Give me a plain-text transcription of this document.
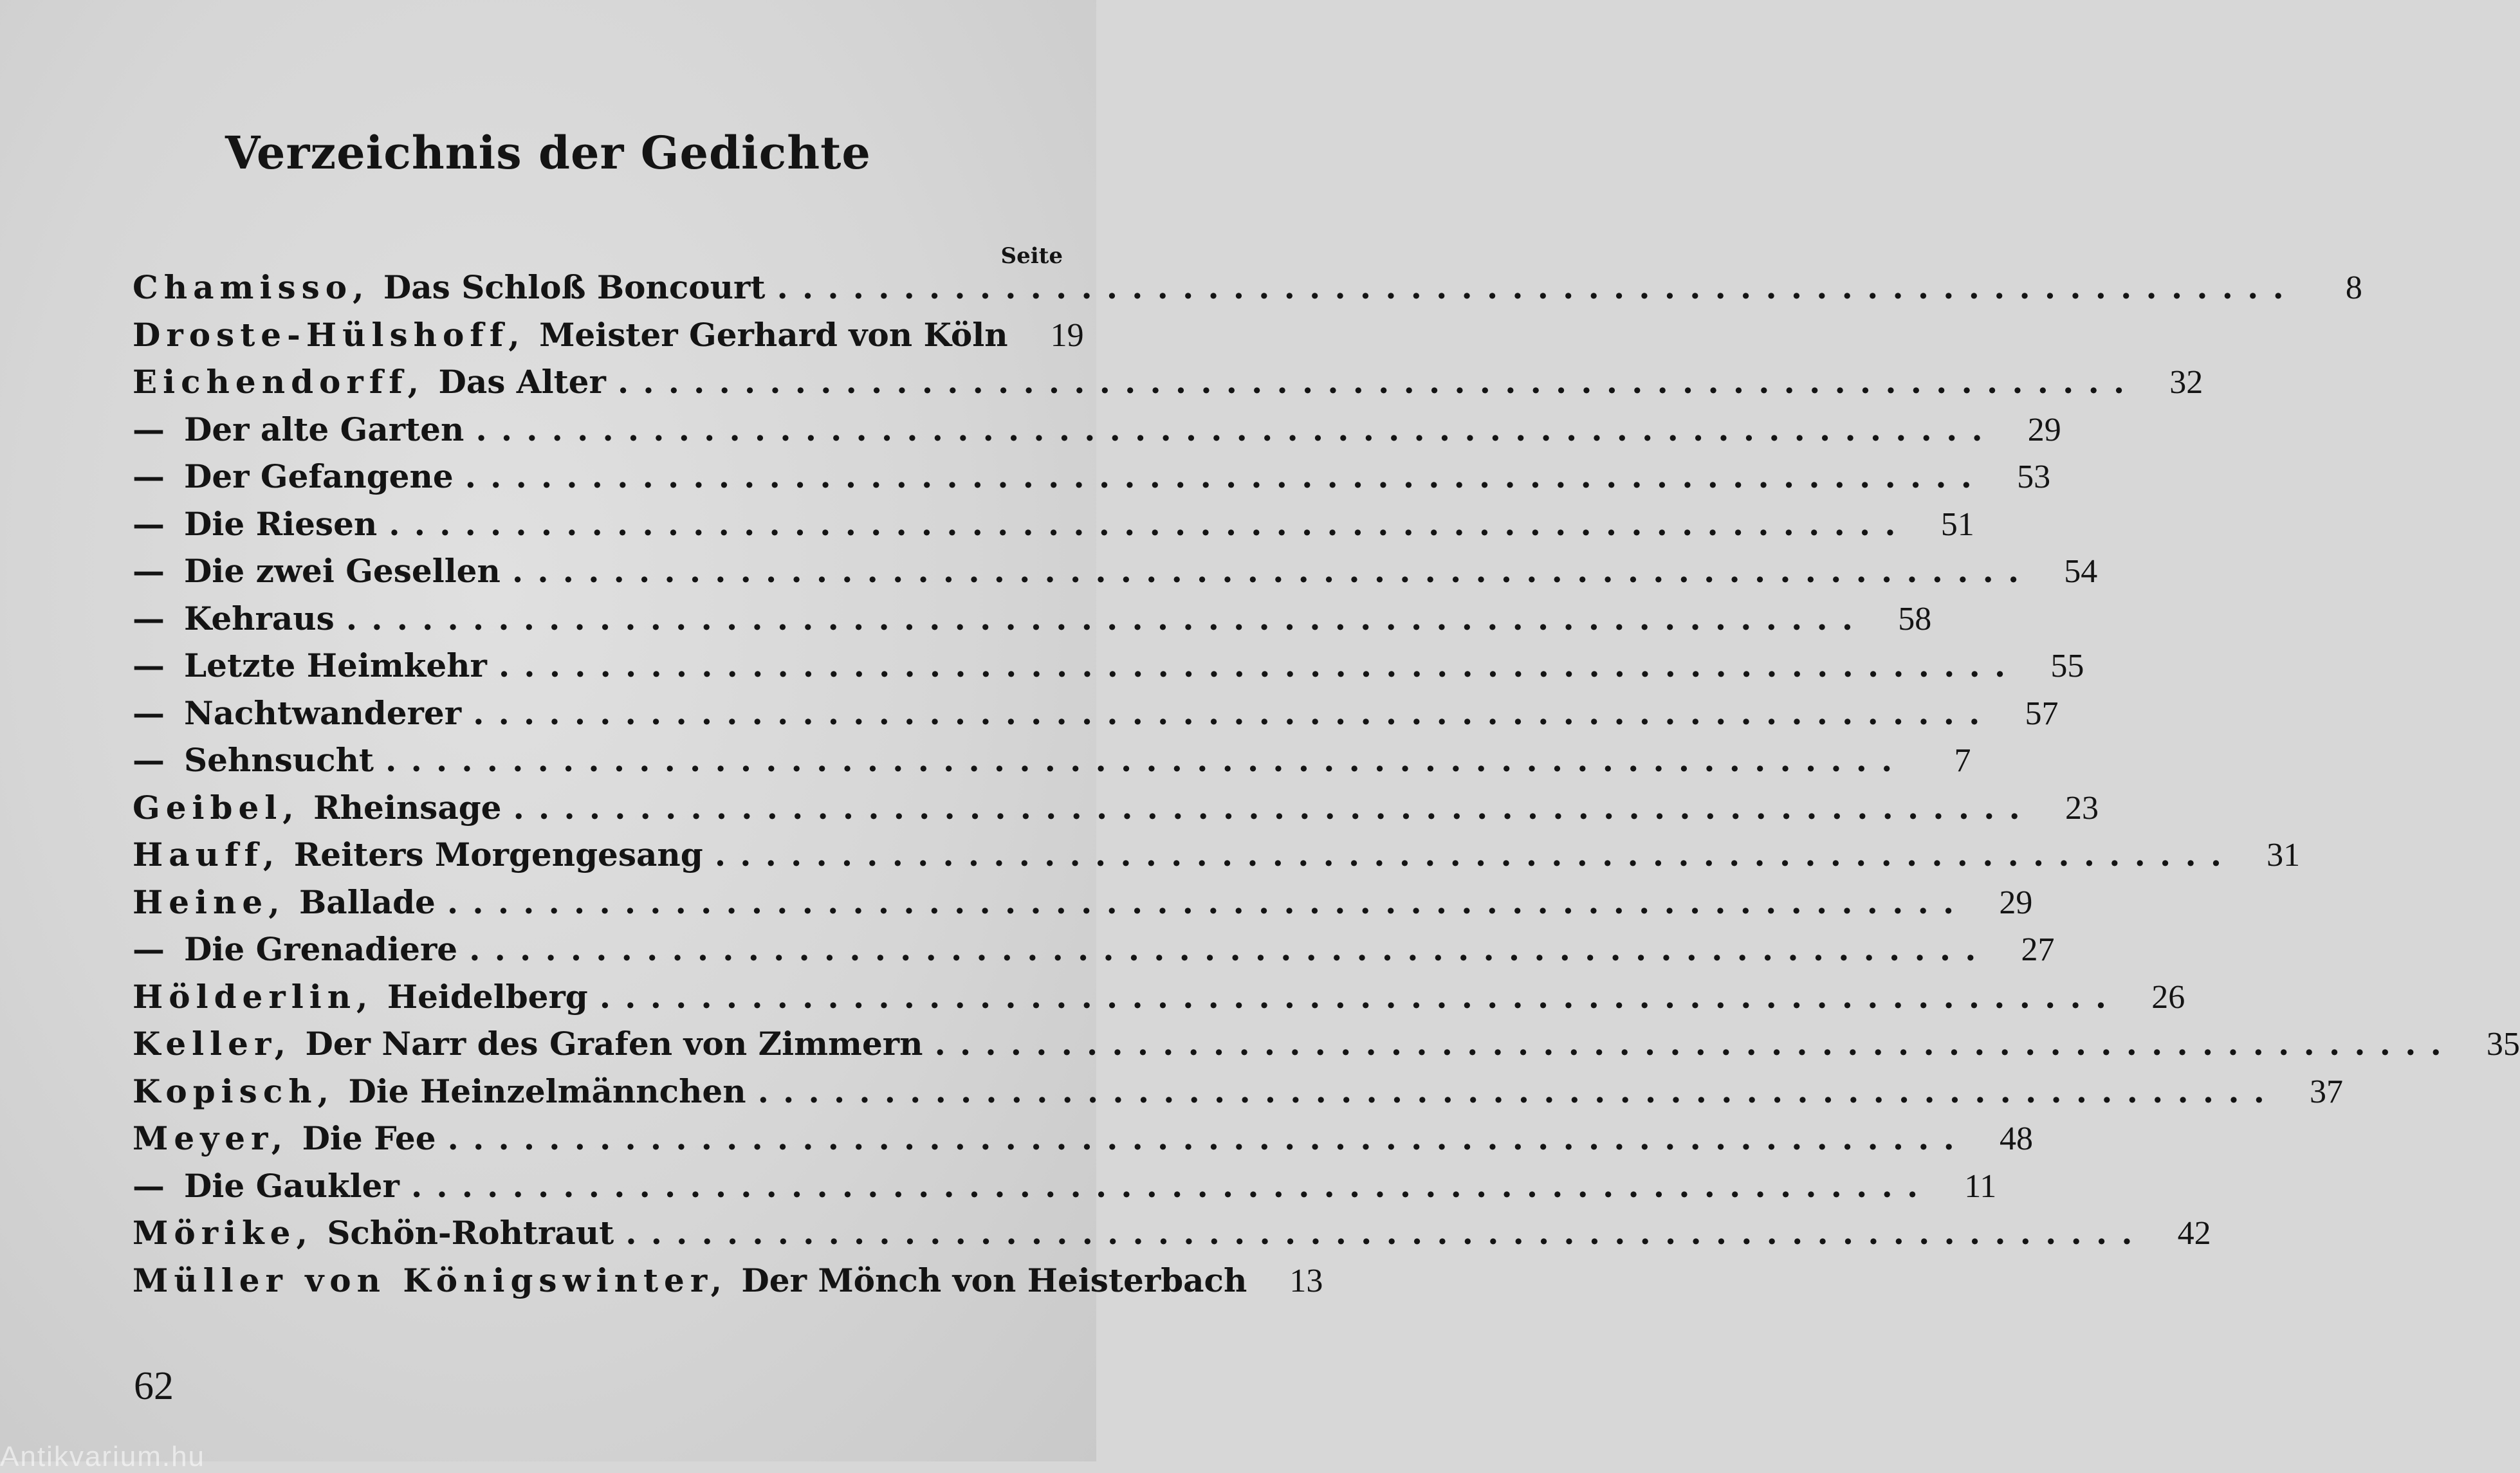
Verzeichnis der Gedichte
Seite
Chamisso, Das Schloß Boncourt ............................................................	8
Droste-Hülshoff, Meister Gerhard von Köln	19
Eichendorff, Das Alter ............................................................ 32
— Der alte Garten ............................................................ 29
— Der Gefangene ............................................................ 53
— Die Riesen ............................................................ 51
— Die zwei Gesellen ............................................................ 54
— Kehraus ............................................................ 58
— Letzte Heimkehr ............................................................ 55
— Nachtwanderer ............................................................ 57
— Sehnsucht ............................................................	7
Geibel, Rheinsage ............................................................ 23
Hauff, Reiters Morgengesang ............................................................ 31
Heine, Ballade ............................................................ 29
— Die Grenadiere ............................................................ 27
Hölderlin, Heidelberg ............................................................ 26
Keller, Der Narr des Grafen von Zimmern ............................................................ 35
Kopisch, Die Heinzelmännchen ............................................................ 37
Meyer, Die Fee ............................................................ 48
— Die Gaukler ............................................................ 11
Mörike, Schön-Rohtraut ............................................................ 42
Müller von Königswinter, Der Mönch von Heisterbach	13
62
Antikvarium.hu
